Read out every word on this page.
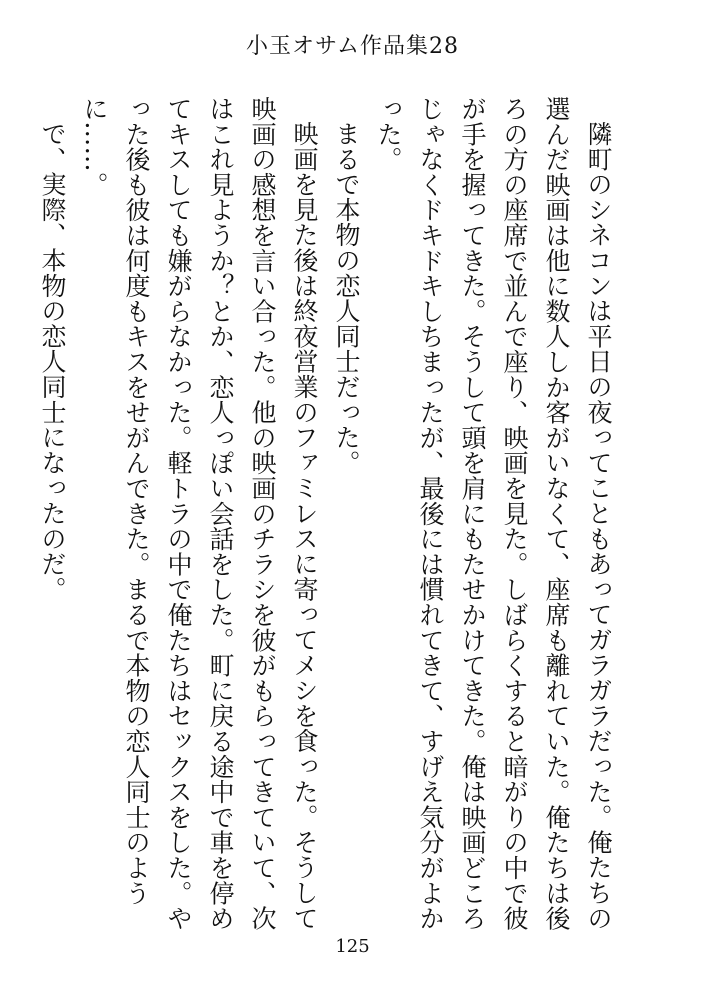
小玉オサム作品集28

隣町のシネコンは平日の夜ってこともあってガラガラだった。俺たちの選んだ映画は他に数人しか客がいなくて、座席も離れていた。俺たちは後ろの方の座席で並んで座り、映画を見た。しばらくすると暗がりの中で彼が手を握ってきた。そうして頭を肩にもたせかけてきた。俺は映画どころじゃなくドキドキしちまったが、最後には慣れてきて、すげえ気分がよかった。

まるで本物の恋人同士だった。

映画を見た後は終夜営業のファミレスに寄ってメシを食った。そうして映画の感想を言い合った。他の映画のチラシを彼がもらってきていて、次はこれ見ようか？とか、恋人っぽい会話をした。町に戻る途中で車を停めてキスしても嫌がらなかった。軽トラの中で俺たちはセックスをした。やった後も彼は何度もキスをせがんできた。まるで本物の恋人同士のように……。

で、実際、本物の恋人同士になったのだ。

125
